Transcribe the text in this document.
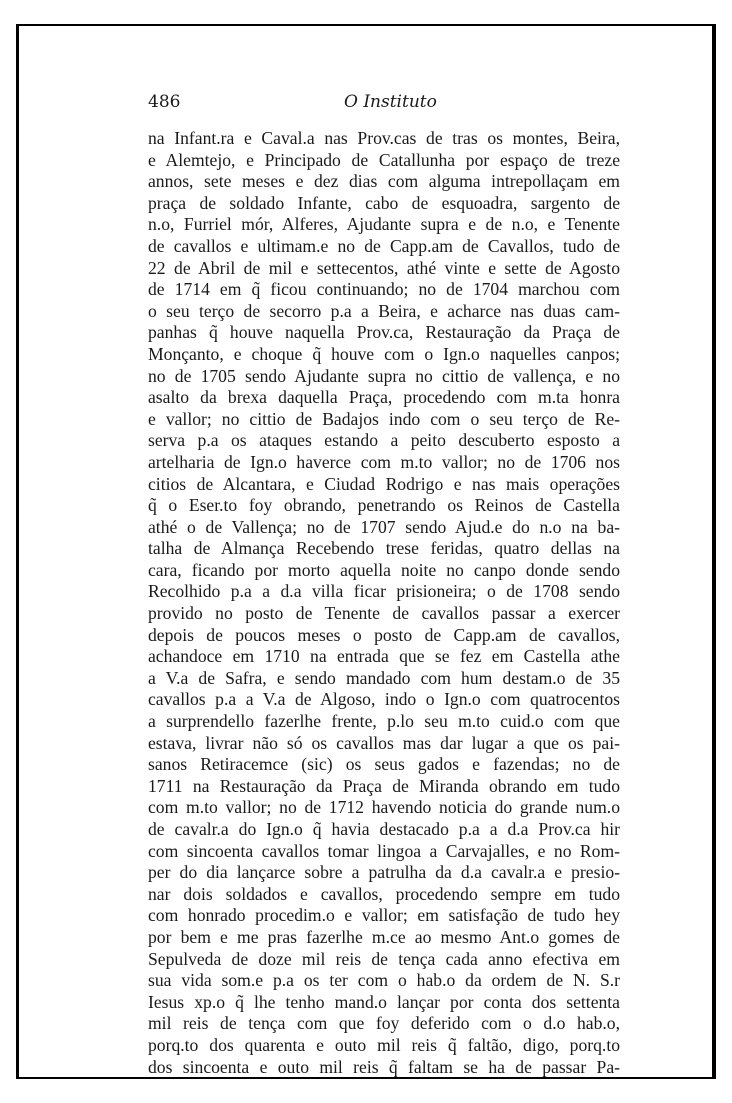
486	O Instituto
na Infant.ra e Caval.a nas Prov.cas de tras os montes, Beira,
e Alemtejo, e Principado de Catallunha por espaço de treze
annos, sete meses e dez dias com alguma intrepollaçam em
praça de soldado Infante, cabo de esquoadra, sargento de
n.o, Furriel mór, Alferes, Ajudante supra e de n.o, e Tenente
de cavallos e ultimam.e no de Capp.am de Cavallos, tudo de
22 de Abril de mil e settecentos, athé vinte e sette de Agosto
de 1714 em q̃ ficou continuando; no de 1704 marchou com
o seu terço de secorro p.a a Beira, e acharce nas duas cam-
panhas q̃ houve naquella Prov.ca, Restauração da Praça de
Monçanto, e choque q̃ houve com o Ign.o naquelles canpos;
no de 1705 sendo Ajudante supra no cittio de vallença, e no
asalto da brexa daquella Praça, procedendo com m.ta honra
e vallor; no cittio de Badajos indo com o seu terço de Re-
serva p.a os ataques estando a peito descuberto esposto a
artelharia de Ign.o haverce com m.to vallor; no de 1706 nos
citios de Alcantara, e Ciudad Rodrigo e nas mais operações
q̃ o Eser.to foy obrando, penetrando os Reinos de Castella
athé o de Vallença; no de 1707 sendo Ajud.e do n.o na ba-
talha de Almança Recebendo trese feridas, quatro dellas na
cara, ficando por morto aquella noite no canpo donde sendo
Recolhido p.a a d.a villa ficar prisioneira; o de 1708 sendo
provido no posto de Tenente de cavallos passar a exercer
depois de poucos meses o posto de Capp.am de cavallos,
achandoce em 1710 na entrada que se fez em Castella athe
a V.a de Safra, e sendo mandado com hum destam.o de 35
cavallos p.a a V.a de Algoso, indo o Ign.o com quatrocentos
a surprendello fazerlhe frente, p.lo seu m.to cuid.o com que
estava, livrar não só os cavallos mas dar lugar a que os pai-
sanos Retiracemce (sic) os seus gados e fazendas; no de
1711 na Restauração da Praça de Miranda obrando em tudo
com m.to vallor; no de 1712 havendo noticia do grande num.o
de cavalr.a do Ign.o q̃ havia destacado p.a a d.a Prov.ca hir
com sincoenta cavallos tomar lingoa a Carvajalles, e no Rom-
per do dia lançarce sobre a patrulha da d.a cavalr.a e presio-
nar dois soldados e cavallos, procedendo sempre em tudo
com honrado procedim.o e vallor; em satisfação de tudo hey
por bem e me pras fazerlhe m.ce ao mesmo Ant.o gomes de
Sepulveda de doze mil reis de tença cada anno efectiva em
sua vida som.e p.a os ter com o hab.o da ordem de N. S.r
Iesus xp.o q̃ lhe tenho mand.o lançar por conta dos settenta
mil reis de tença com que foy deferido com o d.o hab.o,
porq.to dos quarenta e outo mil reis q̃ faltão, digo, porq.to
dos sincoenta e outo mil reis q̃ faltam se ha de passar Pa-
